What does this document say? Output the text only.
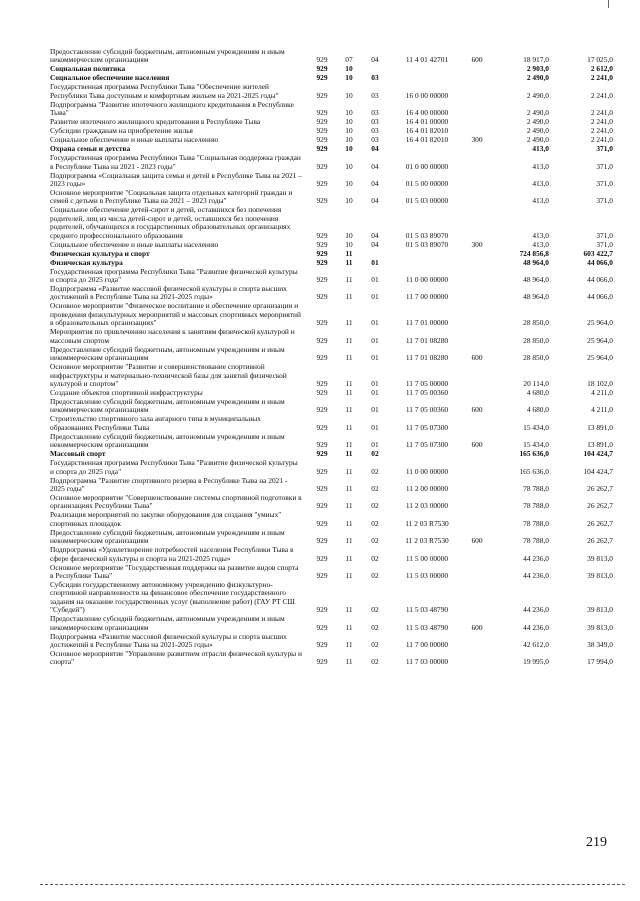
Предоставление субсидий бюджетным, автономным учреждениям и иным некоммерческим организациям	929	07	04	11 4 01 42701	600	18 917,0	17 025,0
Социальная политика	929	10				2 903,0	2 612,0
Социальное обеспечение населения	929	10	03			2 490,0	2 241,0
Государственная программа Республики Тыва "Обеспечение жителей Республики Тыва доступным и комфортным жильем на 2021-2025 годы"	929	10	03	16 0 00 00000		2 490,0	2 241,0
Подпрограмма "Развитие ипотечного жилищного кредитования в Республике Тыва"	929	10	03	16 4 00 00000		2 490,0	2 241,0
Развитие ипотечного жилищного кредитования в Республике Тыва	929	10	03	16 4 01 00000		2 490,0	2 241,0
Субсидии гражданам на приобретение жилья	929	10	03	16 4 01 82010		2 490,0	2 241,0
Социальное обеспечение и иные выплаты населению	929	10	03	16 4 01 82010	300	2 490,0	2 241,0
Охрана семьи и детства	929	10	04			413,0	371,0
Государственная программа Республики Тыва "Социальная поддержка граждан в Республике Тыва на 2021 - 2023 годы"	929	10	04	01 0 00 00000		413,0	371,0
Подпрограмма «Социальная защита семьи и детей в Республике Тыва на 2021 – 2023 годы»	929	10	04	01 5 00 00000		413,0	371,0
Основное мероприятие "Социальная защита отдельных категорий граждан и семей с детьми в Республике Тыва на 2021 – 2023 годы"	929	10	04	01 5 03 00000		413,0	371,0
Социальное обеспечение детей-сирот и детей, оставшихся без попечения родителей, лиц из числа детей-сирот и детей, оставшихся без попечения родителей, обучающихся в государственных образовательных организациях среднего профессионального образования	929	10	04	01 5 03 89070		413,0	371,0
Социальное обеспечение и иные выплаты населению	929	10	04	01 5 03 89070	300	413,0	371,0
Физическая культура и спорт	929	11				724 856,8	603 422,7
Физическая культура	929	11	01			48 964,0	44 066,0
Государственная программа Республики Тыва "Развитие физической культуры и спорта до 2025 года"	929	11	01	11 0 00 00000		48 964,0	44 066,0
Подпрограмма «Развитие массовой физической культуры и спорта высших достижений в Республике Тыва на 2021-2025 годы»	929	11	01	11 7 00 00000		48 964,0	44 066,0
Основное мероприятие "Физическое воспитание и обеспечение организации и проведения физкультурных мероприятий и массовых спортивных мероприятий в образовательных организациях"	929	11	01	11 7 01 00000		28 850,0	25 964,0
Мероприятия по привлечению населения к занятиям физической культурой и массовым спортом	929	11	01	11 7 01 08280		28 850,0	25 964,0
Предоставление субсидий бюджетным, автономным учреждениям и иным некоммерческим организациям	929	11	01	11 7 01 08280	600	28 850,0	25 964,0
Основное мероприятие "Развитие и совершенствование спортивной инфраструктуры и материально-технической базы для занятий физической культурой и спортом"	929	11	01	11 7 05 00000		20 114,0	18 102,0
Создание объектов спортивной инфраструктуры	929	11	01	11 7 05 00360		4 680,0	4 211,0
Предоставление субсидий бюджетным, автономным учреждениям и иным некоммерческим организациям	929	11	01	11 7 05 00360	600	4 680,0	4 211,0
Строительство спортивного зала ангарного типа в муниципальных образованиях Республики Тыва	929	11	01	11 7 05 07300		15 434,0	13 891,0
Предоставление субсидий бюджетным, автономным учреждениям и иным некоммерческим организациям	929	11	01	11 7 05 07300	600	15 434,0	13 891,0
Массовый спорт	929	11	02			165 636,0	104 424,7
Государственная программа Республики Тыва "Развитие физической культуры и спорта до 2025 года"	929	11	02	11 0 00 00000		165 636,0	104 424,7
Подпрограмма "Развитие спортивного резерва в Республике Тыва на 2021 - 2025 годы"	929	11	02	11 2 00 00000		78 788,0	26 262,7
Основное мероприятие "Совершенствование системы спортивной подготовки в организациях Республики Тыва"	929	11	02	11 2 03 00000		78 788,0	26 262,7
Реализация мероприятий по закупке оборудования для создания "умных" спортивных площадок	929	11	02	11 2 03 R7530		78 788,0	26 262,7
Предоставление субсидий бюджетным, автономным учреждениям и иным некоммерческим организациям	929	11	02	11 2 03 R7530	600	78 788,0	26 262,7
Подпрограмма «Удовлетворение потребностей населения Республики Тыва в сфере физической культуры и спорта на 2021-2025 годы»	929	11	02	11 5 00 00000		44 236,0	39 813,0
Основное мероприятие "Государственная поддержка на развитие видов спорта в Республике Тыва"	929	11	02	11 5 03 00000		44 236,0	39 813,0
Субсидии государственному автономному учреждению физкультурно-спортивной направленности на финансовое обеспечение государственного задания на оказание государственных услуг (выполнение работ) (ГАУ РТ СШ "Субедей")	929	11	02	11 5 03 48790		44 236,0	39 813,0
Предоставление субсидий бюджетным, автономным учреждениям и иным некоммерческим организациям	929	11	02	11 5 03 48790	600	44 236,0	39 813,0
Подпрограмма «Развитие массовой физической культуры и спорта высших достижений в Республике Тыва на 2021-2025 годы»	929	11	02	11 7 00 00000		42 612,0	38 349,0
Основное мероприятие "Управление развитием отрасли физической культуры и спорта"	929	11	02	11 7 03 00000		19 995,0	17 994,0
219
